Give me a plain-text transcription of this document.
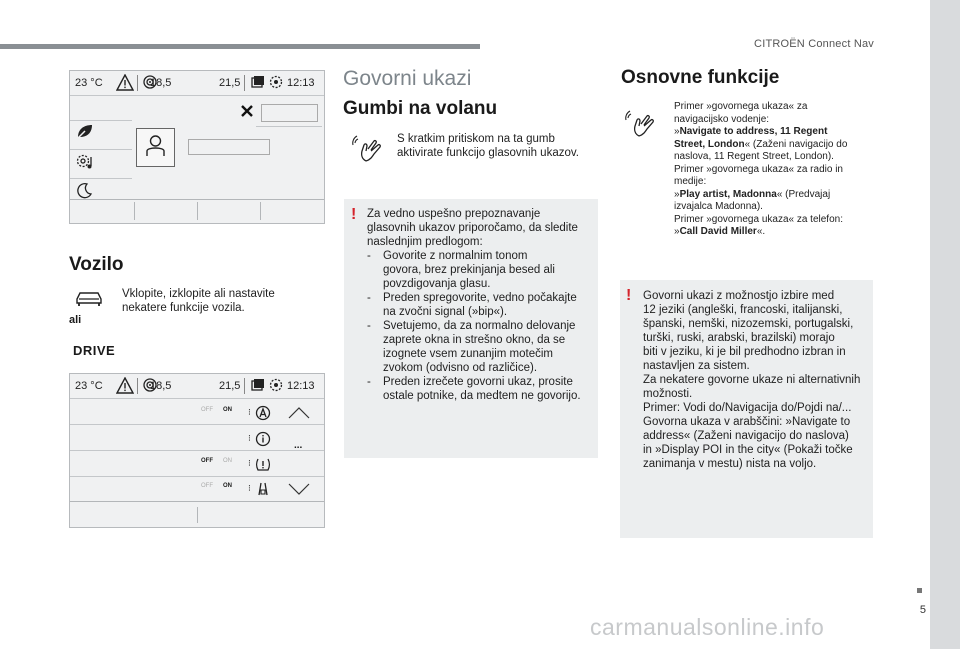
CITROËN Connect Nav
5
carmanualsonline.info
23 °C	18,5	21,5	12:13
Vozilo
Vklopite, izklopite ali nastavite
nekatere funkcije vozila.
ali
DRIVE
23 °C	18,5	21,5	12:13
OFF ON ⁝
⁝
...
OFF ON ⁝
OFF ON ⁝
Govorni ukazi
Gumbi na volanu
S kratkim pritiskom na ta gumb
aktivirate funkcijo glasovnih ukazov.
! Za vedno uspešno prepoznavanje
glasovnih ukazov priporočamo, da sledite
naslednjim predlogom:
- Govorite z normalnim tonom
govora, brez prekinjanja besed ali
povzdigovanja glasu.
- Preden spregovorite, vedno počakajte
na zvočni signal (»bip«).
- Svetujemo, da za normalno delovanje
zaprete okna in strešno okno, da se
izognete vsem zunanjim motečim
zvokom (odvisno od različice).
- Preden izrečete govorni ukaz, prosite
ostale potnike, da medtem ne govorijo.
Osnovne funkcije
Primer »govornega ukaza« za
navigacijsko vodenje:
»Navigate to address, 11 Regent
Street, London« (Zaženi navigacijo do
naslova, 11 Regent Street, London).
Primer »govornega ukaza« za radio in
medije:
»Play artist, Madonna« (Predvajaj
izvajalca Madonna).
Primer »govornega ukaza« za telefon:
»Call David Miller«.
! Govorni ukazi z možnostjo izbire med
12 jeziki (angleški, francoski, italijanski,
španski, nemški, nizozemski, portugalski,
turški, ruski, arabski, brazilski) morajo
biti v jeziku, ki je bil predhodno izbran in
nastavljen za sistem.
Za nekatere govorne ukaze ni alternativnih
možnosti.
Primer: Vodi do/Navigacija do/Pojdi na/...
Govorna ukaza v arabščini: »Navigate to
address« (Zaženi navigacijo do naslova)
in »Display POI in the city« (Pokaži točke
zanimanja v mestu) nista na voljo.
